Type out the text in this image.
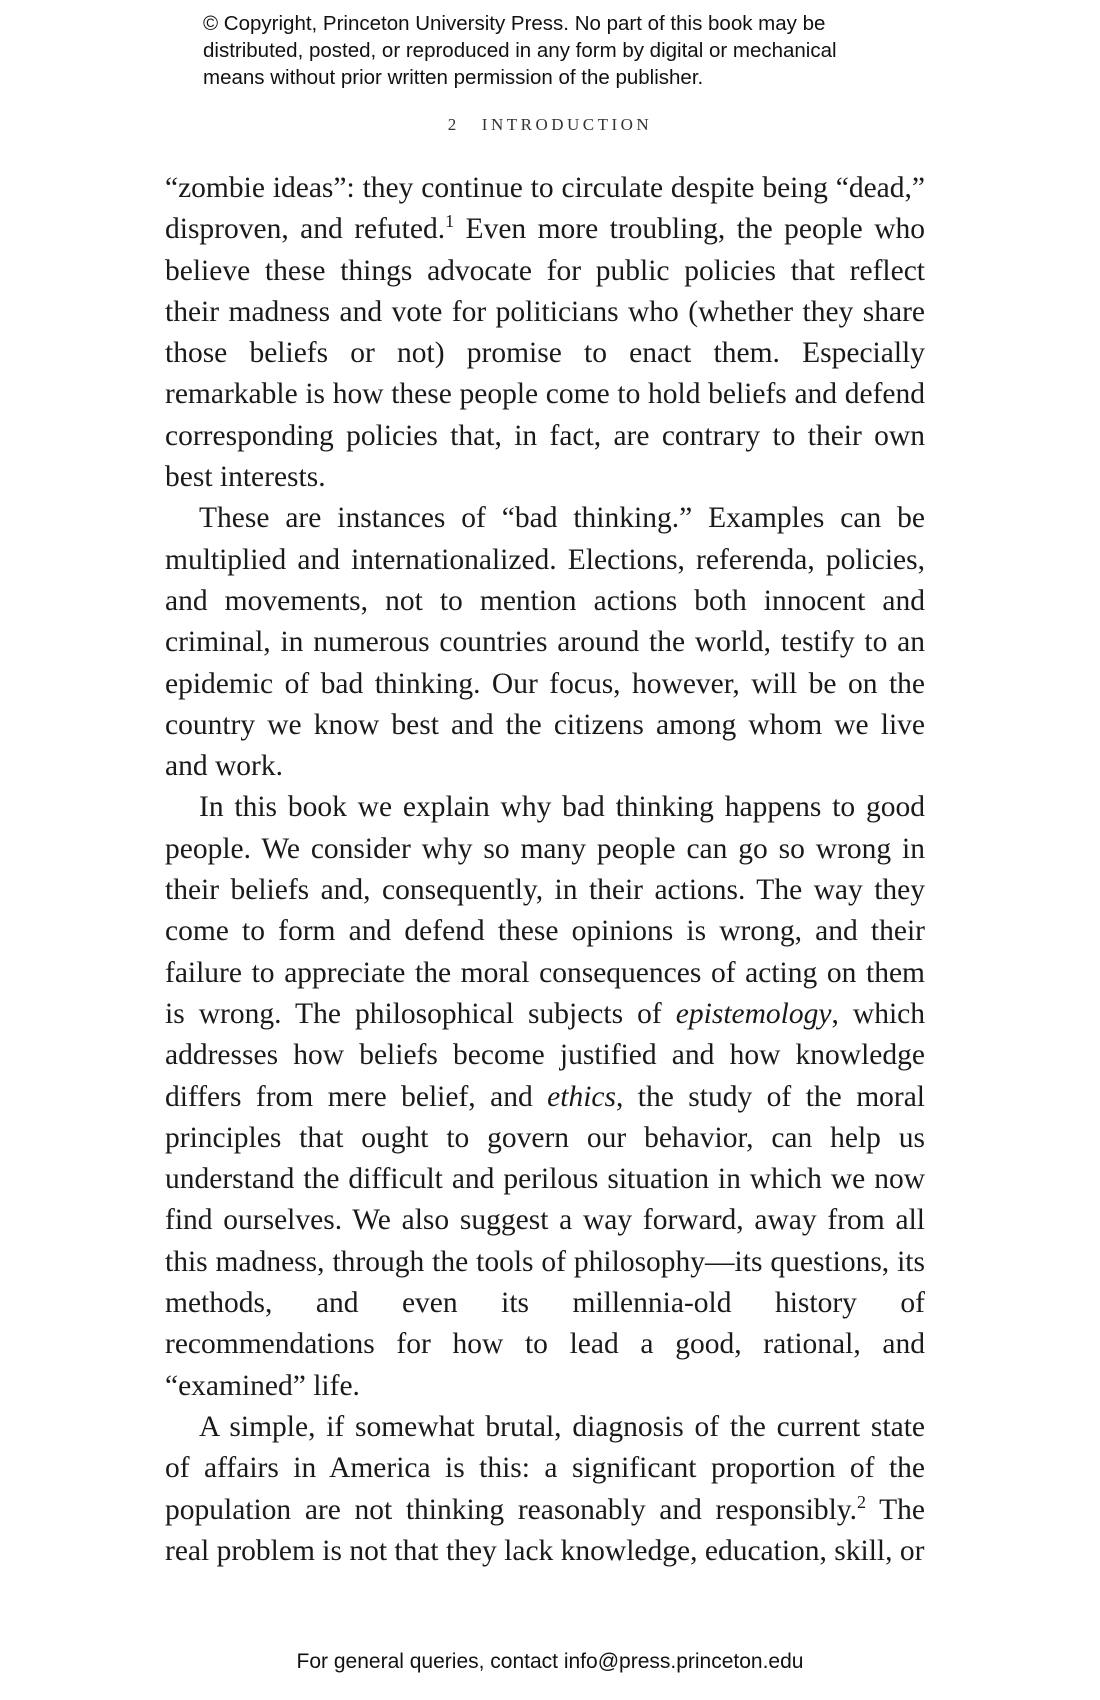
© Copyright, Princeton University Press. No part of this book may be
distributed, posted, or reproduced in any form by digital or mechanical
means without prior written permission of the publisher.
2 INTRODUCTION

“zombie ideas”: they continue to circulate despite being “dead,” disproven, and refuted.$^1$ Even more troubling, the people who believe these things advocate for public policies that reflect their madness and vote for politicians who (whether they share those beliefs or not) promise to enact them. Especially remarkable is how these people come to hold beliefs and defend corresponding policies that, in fact, are contrary to their own best interests.

These are instances of “bad thinking.” Examples can be multiplied and internationalized. Elections, referenda, policies, and movements, not to mention actions both innocent and criminal, in numerous countries around the world, testify to an epidemic of bad thinking. Our focus, however, will be on the country we know best and the citizens among whom we live and work.

In this book we explain why bad thinking happens to good people. We consider why so many people can go so wrong in their beliefs and, consequently, in their actions. The way they come to form and defend these opinions is wrong, and their failure to appreciate the moral consequences of acting on them is wrong. The philosophical subjects of epistemology, which addresses how beliefs become justified and how knowledge differs from mere belief, and ethics, the study of the moral principles that ought to govern our behavior, can help us understand the difficult and perilous situation in which we now find ourselves. We also suggest a way forward, away from all this madness, through the tools of philosophy—its questions, its methods, and even its millennia-old history of recommendations for how to lead a good, rational, and “examined” life.

A simple, if somewhat brutal, diagnosis of the current state of affairs in America is this: a significant proportion of the population are not thinking reasonably and responsibly.$^2$ The real problem is not that they lack knowledge, education, skill, or

For general queries, contact info@press.princeton.edu
